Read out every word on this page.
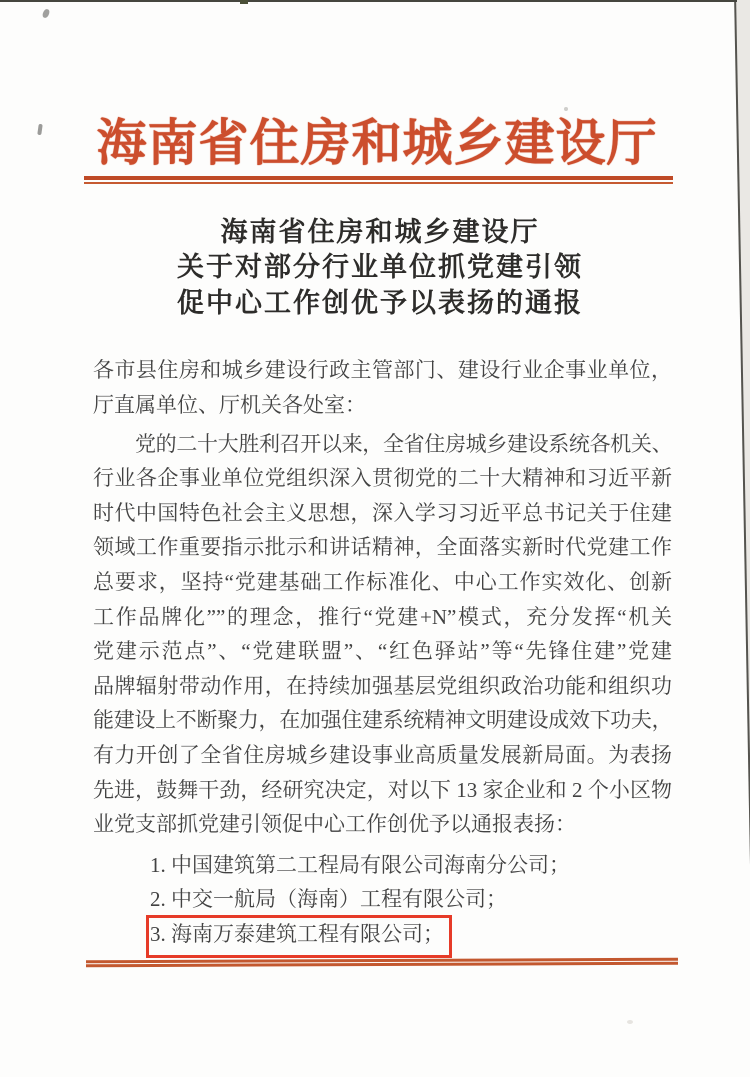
海南省住房和城乡建设厅
海南省住房和城乡建设厅
关于对部分行业单位抓党建引领
促中心工作创优予以表扬的通报
各市县住房和城乡建设行政主管部门、建设行业企事业单位，
厅直属单位、厅机关各处室：
党的二十大胜利召开以来，全省住房城乡建设系统各机关、
行业各企事业单位党组织深入贯彻党的二十大精神和习近平新
时代中国特色社会主义思想，深入学习习近平总书记关于住建
领域工作重要指示批示和讲话精神，全面落实新时代党建工作
总要求，坚持“党建基础工作标准化、中心工作实效化、创新
工作品牌化””的理念，推行“党建+N”模式，充分发挥“机关
党建示范点”、“党建联盟”、“红色驿站”等“先锋住建”党建
品牌辐射带动作用，在持续加强基层党组织政治功能和组织功
能建设上不断聚力，在加强住建系统精神文明建设成效下功夫，
有力开创了全省住房城乡建设事业高质量发展新局面。为表扬
先进，鼓舞干劲，经研究决定，对以下 13 家企业和 2 个小区物
业党支部抓党建引领促中心工作创优予以通报表扬：
1. 中国建筑第二工程局有限公司海南分公司；
2. 中交一航局（海南）工程有限公司；
3. 海南万泰建筑工程有限公司；
